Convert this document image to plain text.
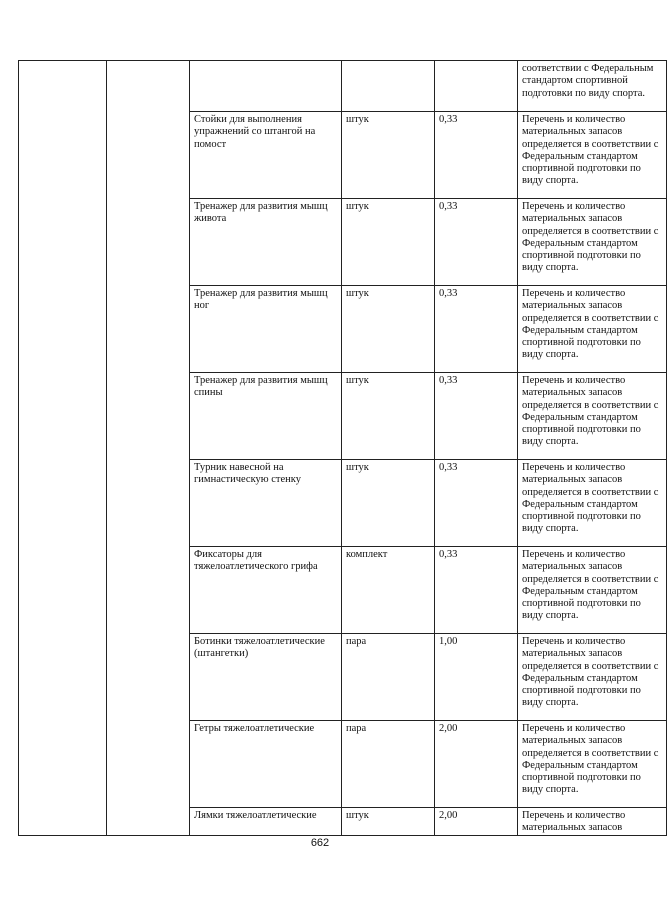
					соответствии с Федеральным стандартом спортивной подготовки по виду спорта.
		Стойки для выполнения упражнений со штангой на помост	штук	0,33	Перечень и количество материальных запасов определяется в соответствии с Федеральным стандартом спортивной подготовки по виду спорта.
		Тренажер для развития мышц живота	штук	0,33	Перечень и количество материальных запасов определяется в соответствии с Федеральным стандартом спортивной подготовки по виду спорта.
		Тренажер для развития мышц ног	штук	0,33	Перечень и количество материальных запасов определяется в соответствии с Федеральным стандартом спортивной подготовки по виду спорта.
		Тренажер для развития мышц спины	штук	0,33	Перечень и количество материальных запасов определяется в соответствии с Федеральным стандартом спортивной подготовки по виду спорта.
		Турник навесной на гимнастическую стенку	штук	0,33	Перечень и количество материальных запасов определяется в соответствии с Федеральным стандартом спортивной подготовки по виду спорта.
		Фиксаторы для тяжелоатлетического грифа	комплект	0,33	Перечень и количество материальных запасов определяется в соответствии с Федеральным стандартом спортивной подготовки по виду спорта.
		Ботинки тяжелоатлетические (штангетки)	пара	1,00	Перечень и количество материальных запасов определяется в соответствии с Федеральным стандартом спортивной подготовки по виду спорта.
		Гетры тяжелоатлетические	пара	2,00	Перечень и количество материальных запасов определяется в соответствии с Федеральным стандартом спортивной подготовки по виду спорта.
		Лямки тяжелоатлетические	штук	2,00	Перечень и количество материальных запасов
662
